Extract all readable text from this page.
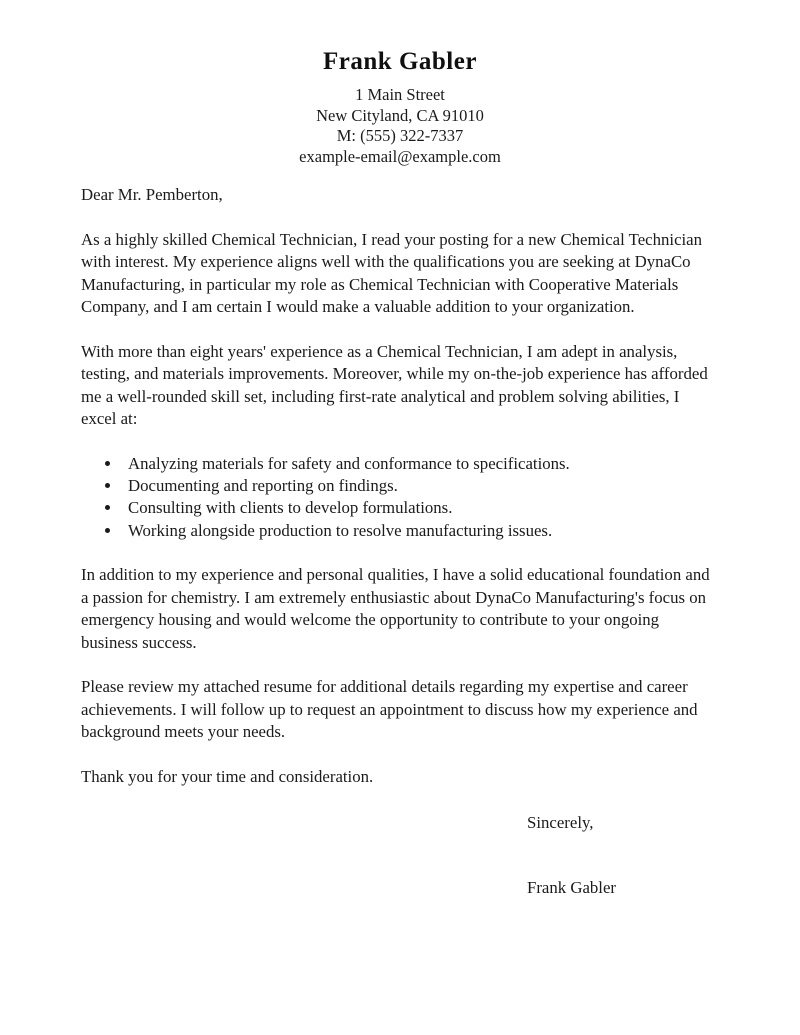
Frank Gabler
1 Main Street
New Cityland, CA 91010
M: (555) 322-7337
example-email@example.com
Dear Mr. Pemberton,

As a highly skilled Chemical Technician, I read your posting for a new Chemical Technician with interest. My experience aligns well with the qualifications you are seeking at DynaCo Manufacturing, in particular my role as Chemical Technician with Cooperative Materials Company, and I am certain I would make a valuable addition to your organization.

With more than eight years' experience as a Chemical Technician, I am adept in analysis, testing, and materials improvements. Moreover, while my on-the-job experience has afforded me a well-rounded skill set, including first-rate analytical and problem solving abilities, I excel at:

• Analyzing materials for safety and conformance to specifications.
• Documenting and reporting on findings.
• Consulting with clients to develop formulations.
• Working alongside production to resolve manufacturing issues.

In addition to my experience and personal qualities, I have a solid educational foundation and a passion for chemistry. I am extremely enthusiastic about DynaCo Manufacturing's focus on emergency housing and would welcome the opportunity to contribute to your ongoing business success.

Please review my attached resume for additional details regarding my expertise and career achievements. I will follow up to request an appointment to discuss how my experience and background meets your needs.

Thank you for your time and consideration.

Sincerely,
Frank Gabler
